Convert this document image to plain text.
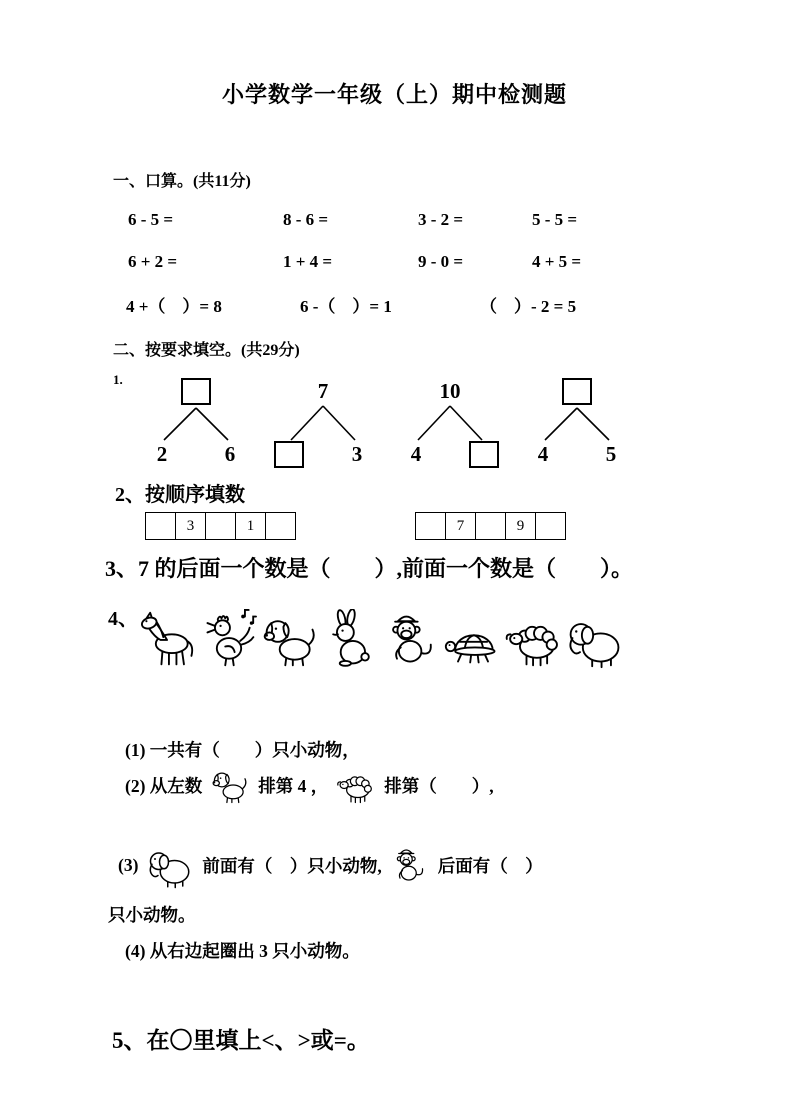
小学数学一年级（上）期中检测题
一、口算。(共11分)
6 - 5 =	8 - 6 =	3 - 2 =	5 - 5 =
6 + 2 =	1 + 4 =	9 - 0 =	4 + 5 =
4 +（　）= 8	6 -（　）= 1	（　）- 2 = 5
二、按要求填空。(共29分)
1.
2	6
7
3
10
4	4	5
2、按顺序填数
3	1	7	9
3、7 的后面一个数是（　　）,前面一个数是（　　）。
4、
(1) 一共有（　　）只小动物，
(2) 从左数	排第 4 ，	排第（　　）,
(3)	前面有（　）只小动物,	后面有（　）
只小动物。
(4) 从右边起圈出 3 只小动物。
5、在〇里填上<、>或=。
